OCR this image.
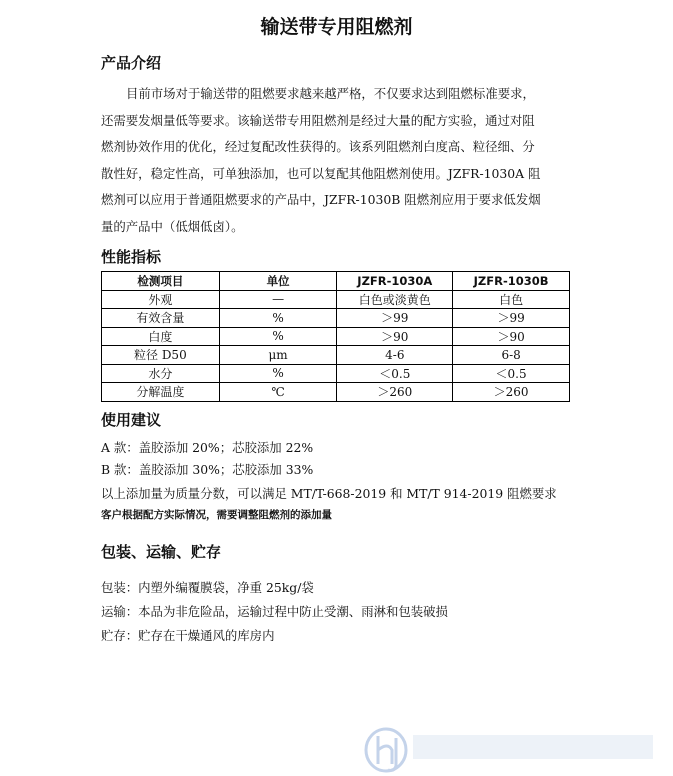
输送带专用阻燃剂
产品介绍

目前市场对于输送带的阻燃要求越来越严格，不仅要求达到阻燃标准要求，

还需要发烟量低等要求。该输送带专用阻燃剂是经过大量的配方实验，通过对阻

燃剂协效作用的优化，经过复配改性获得的。该系列阻燃剂白度高、粒径细、分

散性好，稳定性高，可单独添加，也可以复配其他阻燃剂使用。JZFR-1030A 阻

燃剂可以应用于普通阻燃要求的产品中，JZFR-1030B 阻燃剂应用于要求低发烟

量的产品中（低烟低卤）。

性能指标
检测项目	单位	JZFR-1030A	JZFR-1030B
外观	—	白色或淡黄色	白色
有效含量	%	＞99	＞99
白度	%	＞90	＞90
粒径 D50	μm	4-6	6-8
水分	%	＜0.5	＜0.5
分解温度	℃	＞260	＞260
使用建议
A 款：盖胶添加 20%；芯胶添加 22%
B 款：盖胶添加 30%；芯胶添加 33%
以上添加量为质量分数，可以满足 MT/T-668-2019 和 MT/T 914-2019 阻燃要求
客户根据配方实际情况，需要调整阻燃剂的添加量
包装、运输、贮存
包装：内塑外编覆膜袋，净重 25kg/袋
运输：本品为非危险品，运输过程中防止受潮、雨淋和包装破损
贮存：贮存在干燥通风的库房内
